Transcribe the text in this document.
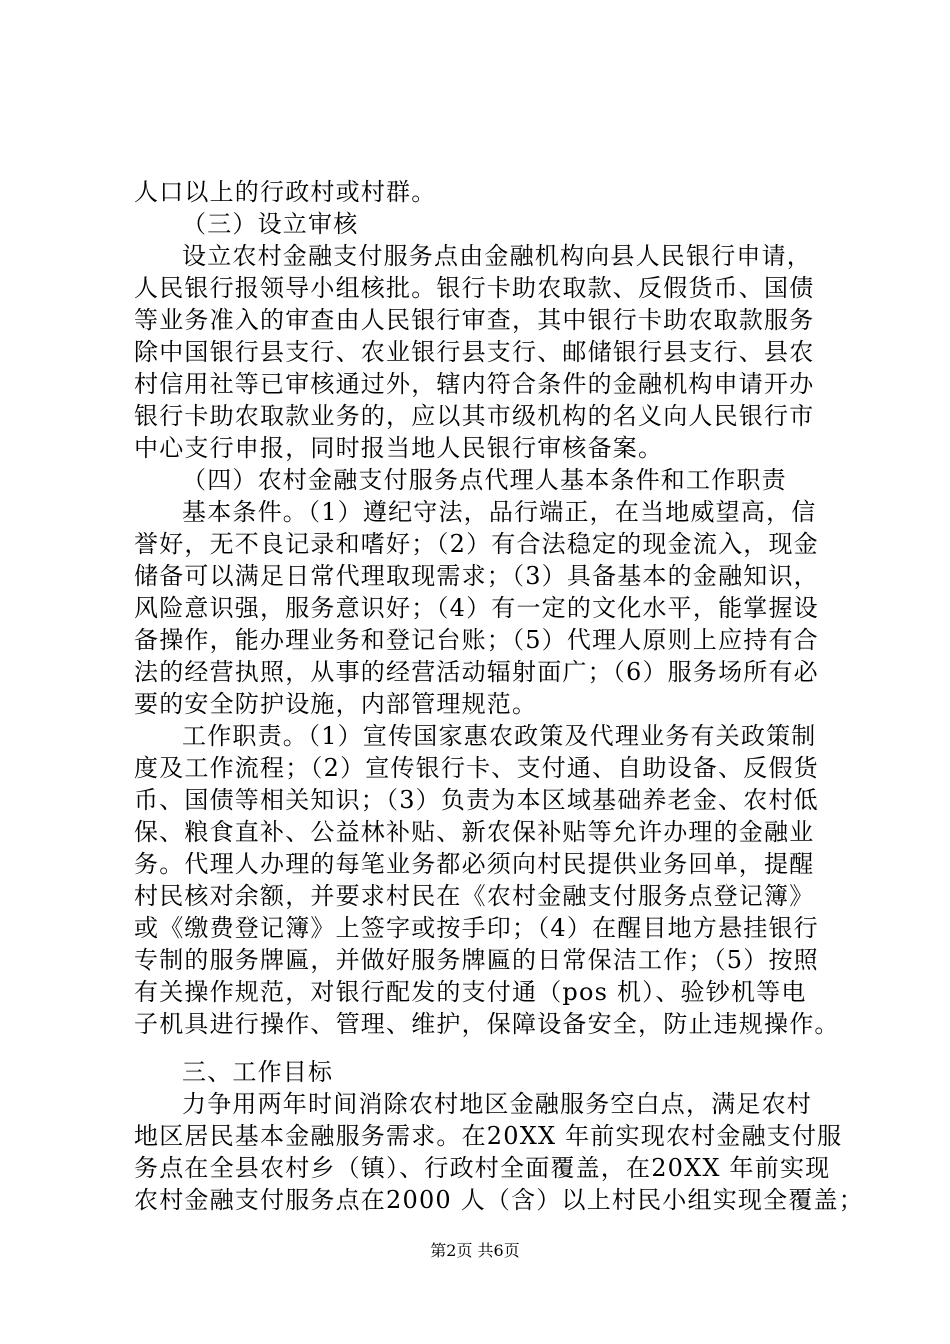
人口以上的行政村或村群。
（三）设立审核
设立农村金融支付服务点由金融机构向县人民银行申请，
人民银行报领导小组核批。银行卡助农取款、反假货币、国债
等业务准入的审查由人民银行审查，其中银行卡助农取款服务
除中国银行县支行、农业银行县支行、邮储银行县支行、县农
村信用社等已审核通过外，辖内符合条件的金融机构申请开办
银行卡助农取款业务的，应以其市级机构的名义向人民银行市
中心支行申报，同时报当地人民银行审核备案。
（四）农村金融支付服务点代理人基本条件和工作职责
基本条件。（1）遵纪守法，品行端正，在当地威望高，信
誉好，无不良记录和嗜好；（2）有合法稳定的现金流入，现金
储备可以满足日常代理取现需求；（3）具备基本的金融知识，
风险意识强，服务意识好；（4）有一定的文化水平，能掌握设
备操作，能办理业务和登记台账；（5）代理人原则上应持有合
法的经营执照，从事的经营活动辐射面广；（6）服务场所有必
要的安全防护设施，内部管理规范。
工作职责。（1）宣传国家惠农政策及代理业务有关政策制
度及工作流程；（2）宣传银行卡、支付通、自助设备、反假货
币、国债等相关知识；（3）负责为本区域基础养老金、农村低
保、粮食直补、公益林补贴、新农保补贴等允许办理的金融业
务。代理人办理的每笔业务都必须向村民提供业务回单，提醒
村民核对余额，并要求村民在《农村金融支付服务点登记簿》
或《缴费登记簿》上签字或按手印；（4）在醒目地方悬挂银行
专制的服务牌匾，并做好服务牌匾的日常保洁工作；（5）按照
有关操作规范，对银行配发的支付通（pos 机）、验钞机等电
子机具进行操作、管理、维护，保障设备安全，防止违规操作。
三、工作目标
力争用两年时间消除农村地区金融服务空白点，满足农村
地区居民基本金融服务需求。在20XX 年前实现农村金融支付服
务点在全县农村乡（镇）、行政村全面覆盖，在20XX 年前实现
农村金融支付服务点在2000 人（含）以上村民小组实现全覆盖；
第2页 共6页
